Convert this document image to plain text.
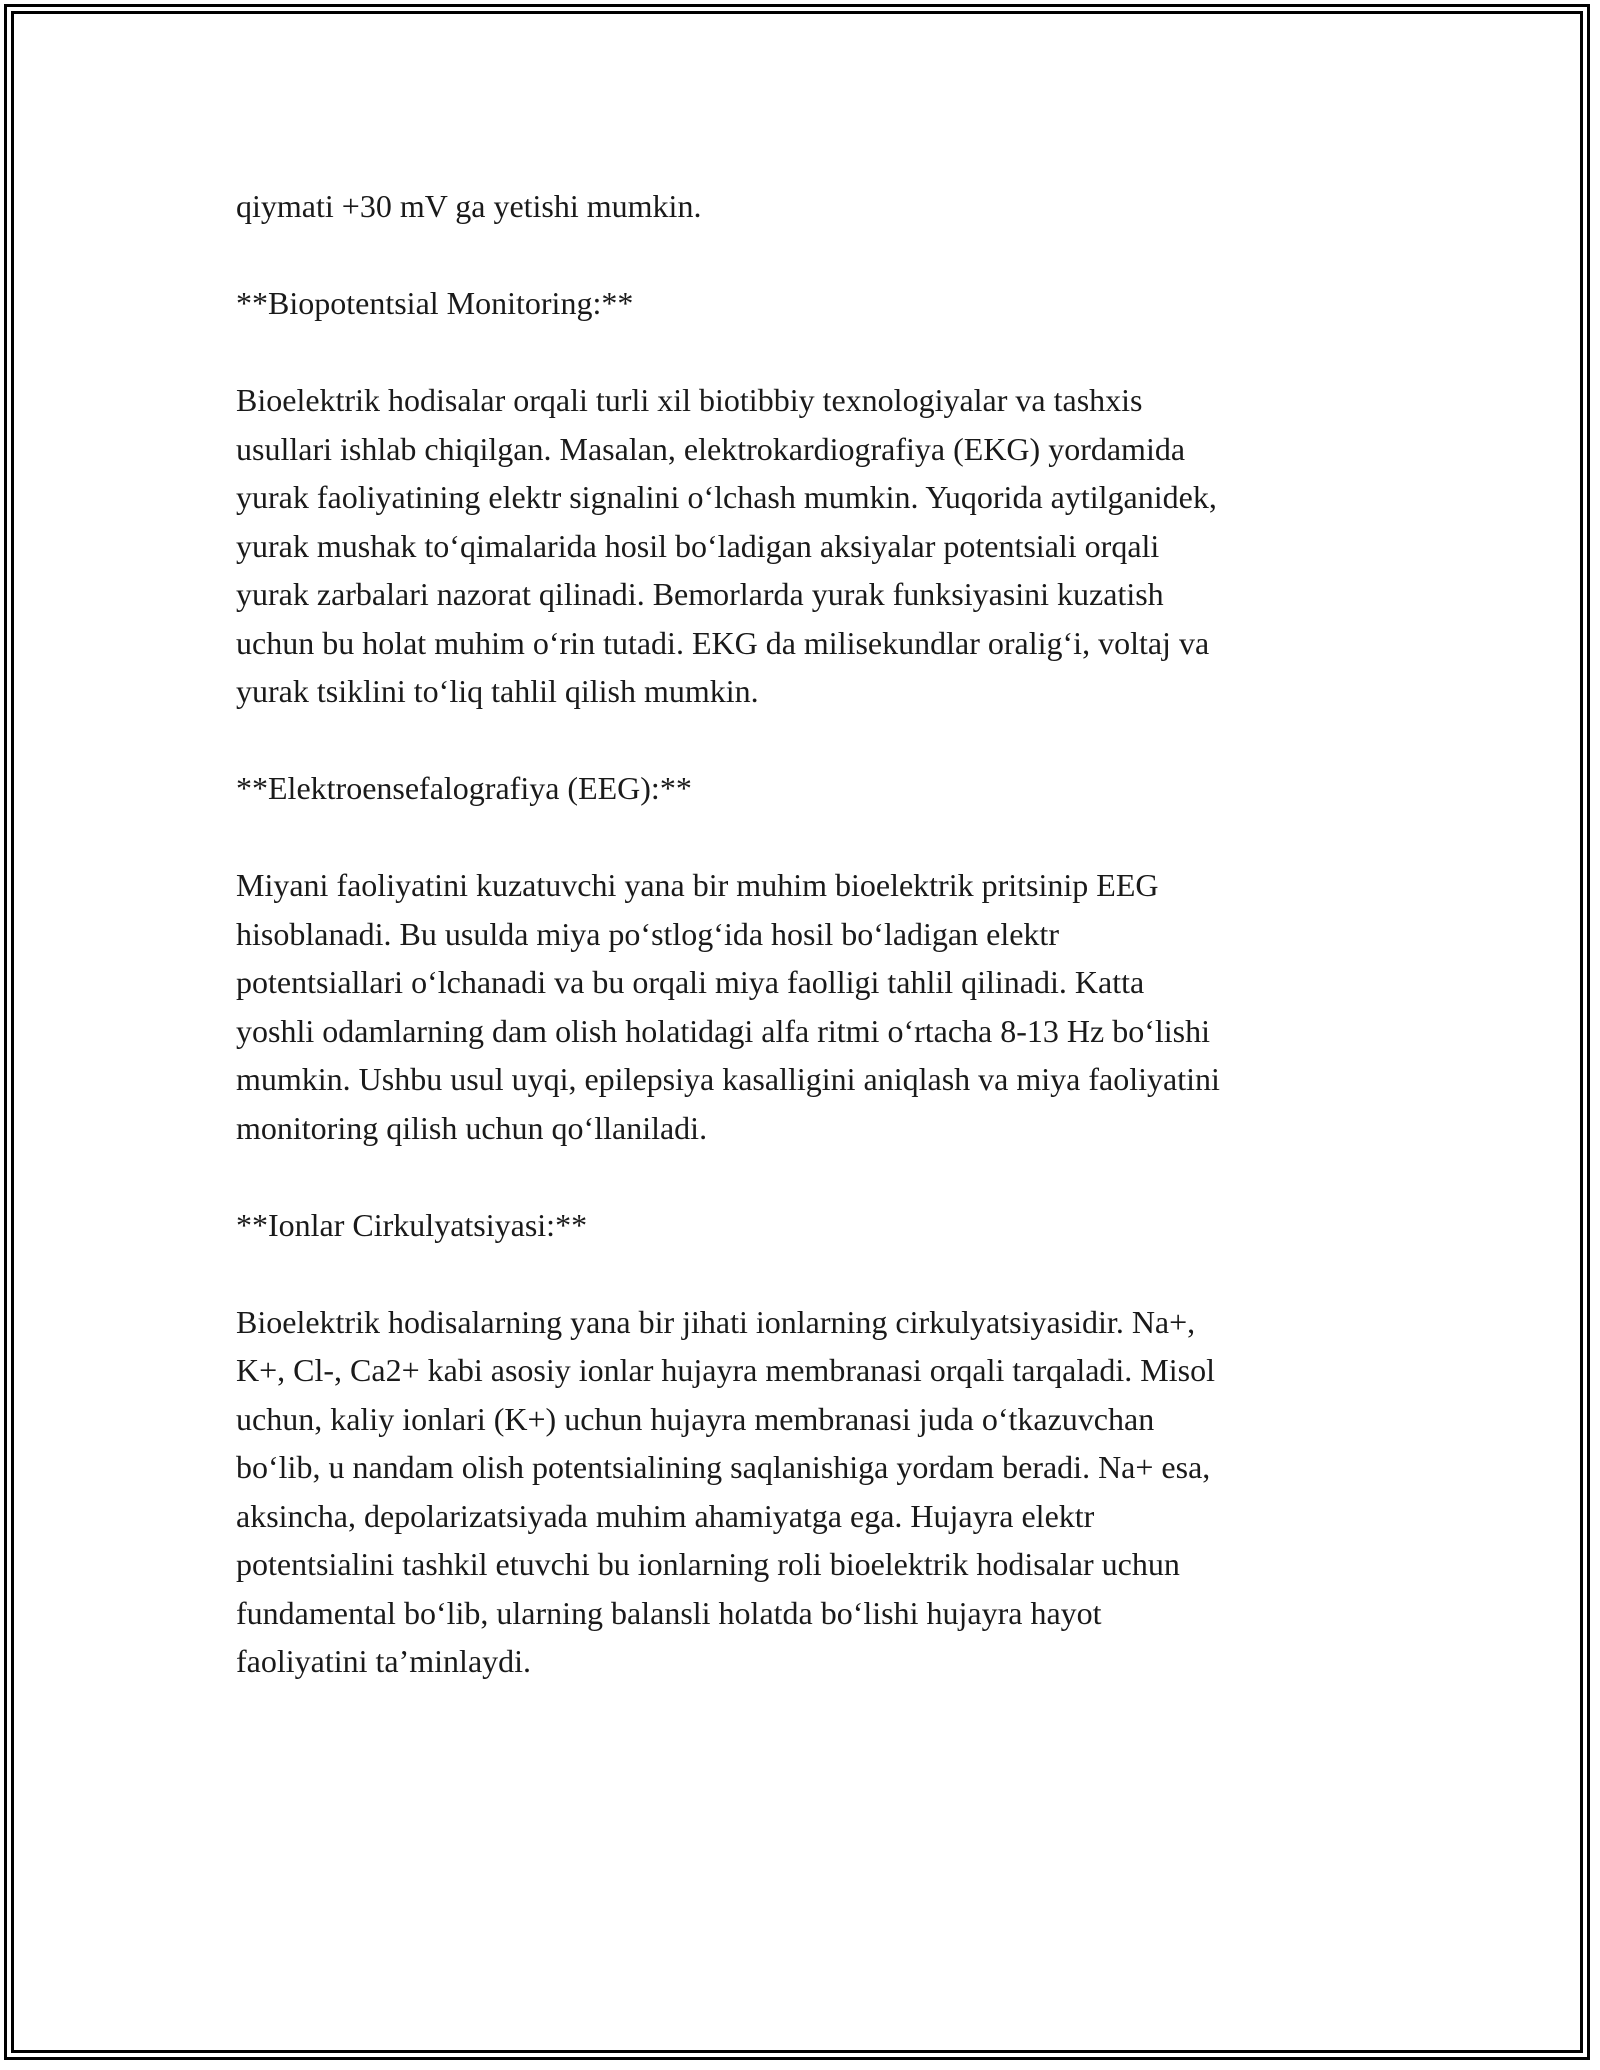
qiymati +30 mV ga yetishi mumkin.

**Biopotentsial Monitoring:**

Bioelektrik hodisalar orqali turli xil biotibbiy texnologiyalar va tashxis
usullari ishlab chiqilgan. Masalan, elektrokardiografiya (EKG) yordamida
yurak faoliyatining elektr signalini o‘lchash mumkin. Yuqorida aytilganidek,
yurak mushak to‘qimalarida hosil bo‘ladigan aksiyalar potentsiali orqali
yurak zarbalari nazorat qilinadi. Bemorlarda yurak funksiyasini kuzatish
uchun bu holat muhim o‘rin tutadi. EKG da milisekundlar oralig‘i, voltaj va
yurak tsiklini to‘liq tahlil qilish mumkin.

**Elektroensefalografiya (EEG):**

Miyani faoliyatini kuzatuvchi yana bir muhim bioelektrik pritsinip EEG
hisoblanadi. Bu usulda miya po‘stlog‘ida hosil bo‘ladigan elektr
potentsiallari o‘lchanadi va bu orqali miya faolligi tahlil qilinadi. Katta
yoshli odamlarning dam olish holatidagi alfa ritmi o‘rtacha 8-13 Hz bo‘lishi
mumkin. Ushbu usul uyqi, epilepsiya kasalligini aniqlash va miya faoliyatini
monitoring qilish uchun qo‘llaniladi.

**Ionlar Cirkulyatsiyasi:**

Bioelektrik hodisalarning yana bir jihati ionlarning cirkulyatsiyasidir. Na+,
K+, Cl-, Ca2+ kabi asosiy ionlar hujayra membranasi orqali tarqaladi. Misol
uchun, kaliy ionlari (K+) uchun hujayra membranasi juda o‘tkazuvchan
bo‘lib, u nandam olish potentsialining saqlanishiga yordam beradi. Na+ esa,
aksincha, depolarizatsiyada muhim ahamiyatga ega. Hujayra elektr
potentsialini tashkil etuvchi bu ionlarning roli bioelektrik hodisalar uchun
fundamental bo‘lib, ularning balansli holatda bo‘lishi hujayra hayot
faoliyatini ta’minlaydi.
